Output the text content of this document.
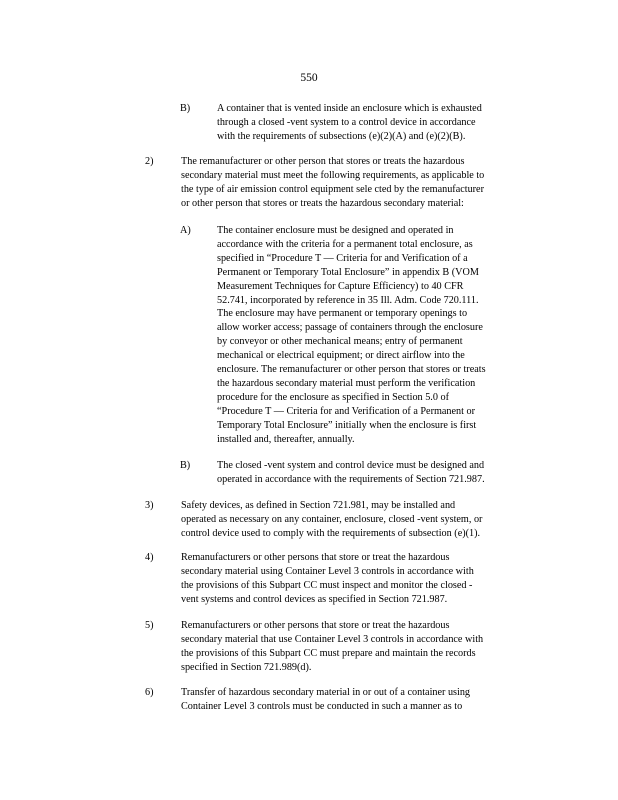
550
B)	A container that is vented inside an enclosure which is exhausted
through a closed -vent system to a control device in accordance
with the requirements of subsections (e)(2)(A) and (e)(2)(B).
2)	The remanufacturer or other person that stores or treats the hazardous
secondary material must meet the following requirements, as applicable to
the type of air emission control equipment sele cted by the remanufacturer
or other person that stores or treats the hazardous secondary material:
A)	The container enclosure must be designed and operated in
accordance with the criteria for a permanent total enclosure, as
specified in “Procedure T — Criteria for and Verification of a
Permanent or Temporary Total Enclosure” in appendix B (VOM
Measurement Techniques for Capture Efficiency) to 40 CFR
52.741, incorporated by reference in 35 Ill. Adm. Code 720.111.
The enclosure may have permanent or temporary openings to
allow worker access; passage of containers through the enclosure
by conveyor or other mechanical means; entry of permanent
mechanical or electrical equipment; or direct airflow into the
enclosure. The remanufacturer or other person that stores or treats
the hazardous secondary material must perform the verification
procedure for the enclosure as specified in Section 5.0 of
“Procedure T — Criteria for and Verification of a Permanent or
Temporary Total Enclosure” initially when the enclosure is first
installed and, thereafter, annually.
B)	The closed -vent system and control device must be designed and
operated in accordance with the requirements of Section 721.987.
3)	Safety devices, as defined in Section 721.981, may be installed and
operated as necessary on any container, enclosure, closed -vent system, or
control device used to comply with the requirements of subsection (e)(1).
4)	Remanufacturers or other persons that store or treat the hazardous
secondary material using Container Level 3 controls in accordance with
the provisions of this Subpart CC must inspect and monitor the closed -
vent systems and control devices as specified in Section 721.987.
5)	Remanufacturers or other persons that store or treat the hazardous
secondary material that use Container Level 3 controls in accordance with
the provisions of this Subpart CC must prepare and maintain the records
specified in Section 721.989(d).
6)	Transfer of hazardous secondary material in or out of a container using
Container Level 3 controls must be conducted in such a manner as to
